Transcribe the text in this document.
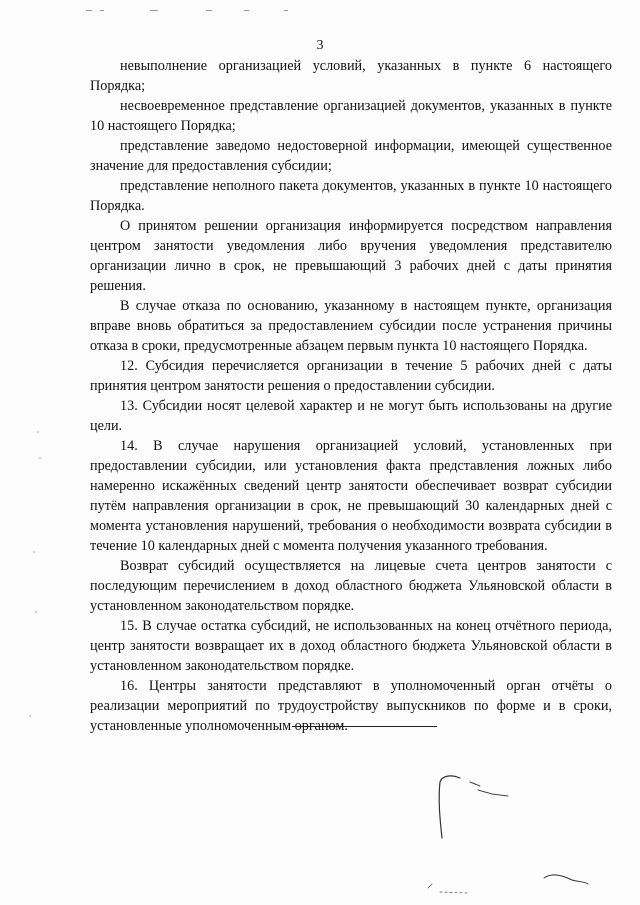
3

невыполнение организацией условий, указанных в пункте 6 настоящего Порядка;

несвоевременное представление организацией документов, указанных в пункте 10 настоящего Порядка;

представление заведомо недостоверной информации, имеющей существенное значение для предоставления субсидии;

представление неполного пакета документов, указанных в пункте 10 настоящего Порядка.

О принятом решении организация информируется посредством направления центром занятости уведомления либо вручения уведомления представителю организации лично в срок, не превышающий 3 рабочих дней с даты принятия решения.

В случае отказа по основанию, указанному в настоящем пункте, организация вправе вновь обратиться за предоставлением субсидии после устранения причины отказа в сроки, предусмотренные абзацем первым пункта 10 настоящего Порядка.

12. Субсидия перечисляется организации в течение 5 рабочих дней с даты принятия центром занятости решения о предоставлении субсидии.

13. Субсидии носят целевой характер и не могут быть использованы на другие цели.

14. В случае нарушения организацией условий, установленных при предоставлении субсидии, или установления факта представления ложных либо намеренно искажённых сведений центр занятости обеспечивает возврат субсидии путём направления организации в срок, не превышающий 30 календарных дней с момента установления нарушений, требования о необходимости возврата субсидии в течение 10 календарных дней с момента получения указанного требования.

Возврат субсидий осуществляется на лицевые счета центров занятости с последующим перечислением в доход областного бюджета Ульяновской области в установленном законодательством порядке.

15. В случае остатка субсидий, не использованных на конец отчётного периода, центр занятости возвращает их в доход областного бюджета Ульяновской области в установленном законодательством порядке.

16. Центры занятости представляют в уполномоченный орган отчёты о реализации мероприятий по трудоустройству выпускников по форме и в сроки, установленные уполномоченным органом.
